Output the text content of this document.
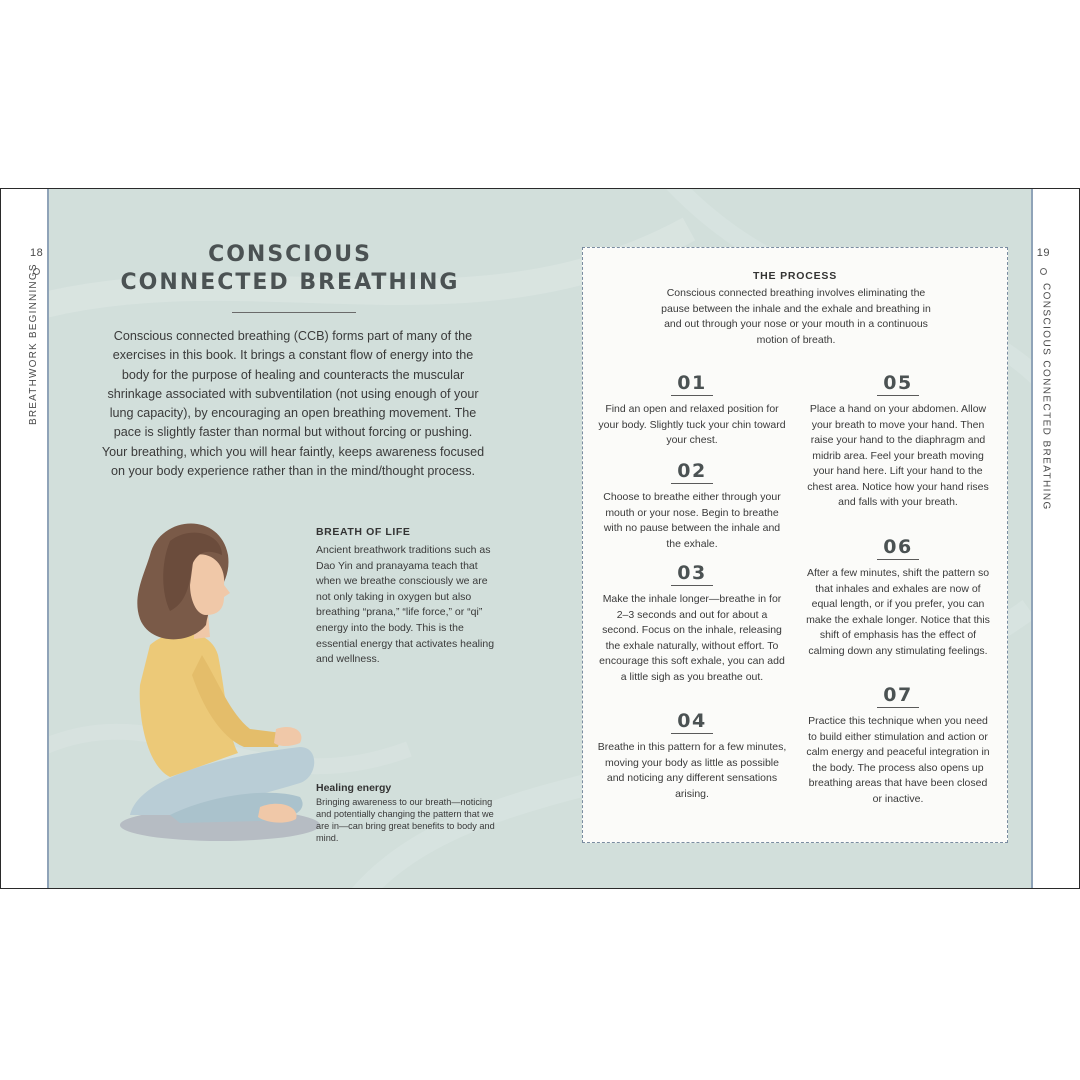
CONSCIOUS
CONNECTED BREATHING
Conscious connected breathing (CCB) forms part of many of the exercises in this book. It brings a constant flow of energy into the body for the purpose of healing and counteracts the muscular shrinkage associated with subventilation (not using enough of your lung capacity), by encouraging an open breathing movement. The pace is slightly faster than normal but without forcing or pushing. Your breathing, which you will hear faintly, keeps awareness focused on your body experience rather than in the mind/thought process.
BREATH OF LIFE
Ancient breathwork traditions such as Dao Yin and pranayama teach that when we breathe consciously we are not only taking in oxygen but also breathing “prana,” “life force,” or “qi” energy into the body. This is the essential energy that activates healing and wellness.
Healing energy
Bringing awareness to our breath—noticing and potentially changing the pattern that we are in—can bring great benefits to body and mind.
THE PROCESS
Conscious connected breathing involves eliminating the pause between the inhale and the exhale and breathing in and out through your nose or your mouth in a continuous motion of breath.
01
Find an open and relaxed position for your body. Slightly tuck your chin toward your chest.
02
Choose to breathe either through your mouth or your nose. Begin to breathe with no pause between the inhale and the exhale.
03
Make the inhale longer—breathe in for 2–3 seconds and out for about a second. Focus on the inhale, releasing the exhale naturally, without effort. To encourage this soft exhale, you can add a little sigh as you breathe out.
04
Breathe in this pattern for a few minutes, moving your body as little as possible and noticing any different sensations arising.
05
Place a hand on your abdomen. Allow your breath to move your hand. Then raise your hand to the diaphragm and midrib area. Feel your breath moving your hand here. Lift your hand to the chest area. Notice how your hand rises and falls with your breath.
06
After a few minutes, shift the pattern so that inhales and exhales are now of equal length, or if you prefer, you can make the exhale longer. Notice that this shift of emphasis has the effect of calming down any stimulating feelings.
07
Practice this technique when you need to build either stimulation and action or calm energy and peaceful integration in the body. The process also opens up breathing areas that have been closed or inactive.
18
BREATHWORK BEGINNINGS
19
CONSCIOUS CONNECTED BREATHING
